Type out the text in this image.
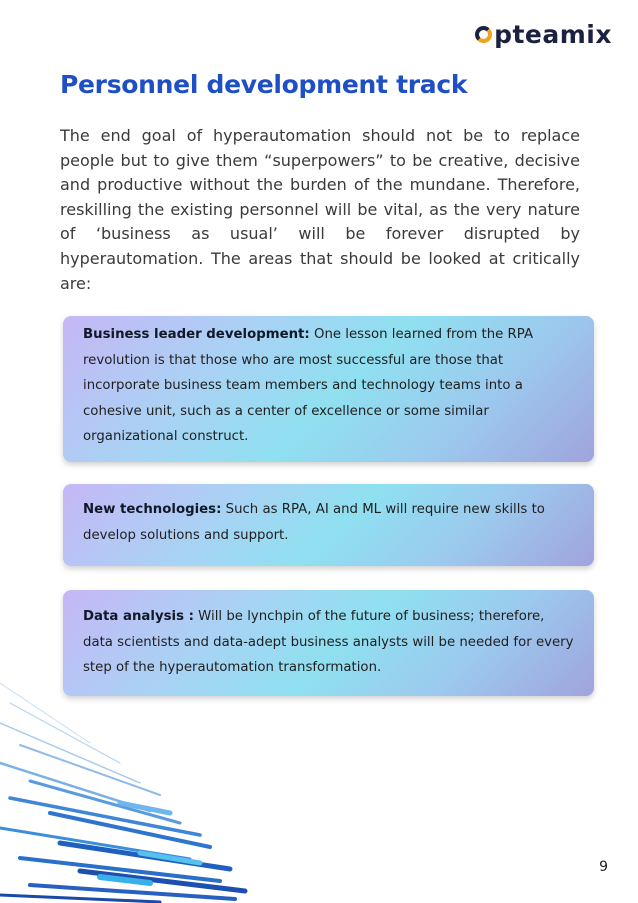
pteamix
Personnel development track

The end goal of hyperautomation should not be to replace people but to give them “superpowers” to be creative, decisive and productive without the burden of the mundane. Therefore, reskilling the existing personnel will be vital, as the very nature of ‘business as usual’ will be forever disrupted by hyperautomation. The areas that should be looked at critically are:

Business leader development: One lesson learned from the RPA revolution is that those who are most successful are those that incorporate business team members and technology teams into a cohesive unit, such as a center of excellence or some similar organizational construct.
New technologies: Such as RPA, AI and ML will require new skills to develop solutions and support.
Data analysis : Will be lynchpin of the future of business; therefore, data scientists and data-adept business analysts will be needed for every step of the hyperautomation transformation.
9
